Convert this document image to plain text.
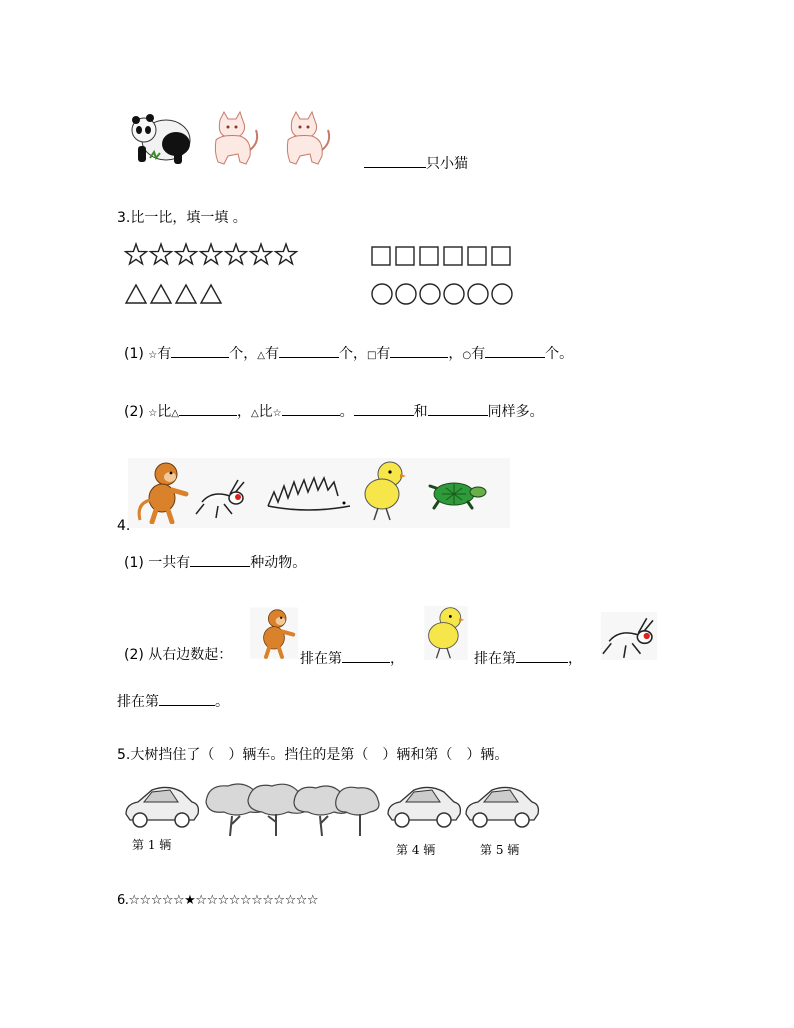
只小猫
3.比一比，填一填 。
(1) ☆有	个，△有	个，□有	，○有	个。
(2) ☆比△	，△比☆	。	和	同样多。
4.
(1) 一共有	种动物。
(2) 从右边数起：	排在第	，	排在第	，
排在第	。
5.大树挡住了（　）辆车。挡住的是第（　）辆和第（　）辆。
第 1 辆	第 4 辆	第 5 辆
6.☆☆☆☆☆★☆☆☆☆☆☆☆☆☆☆☆
